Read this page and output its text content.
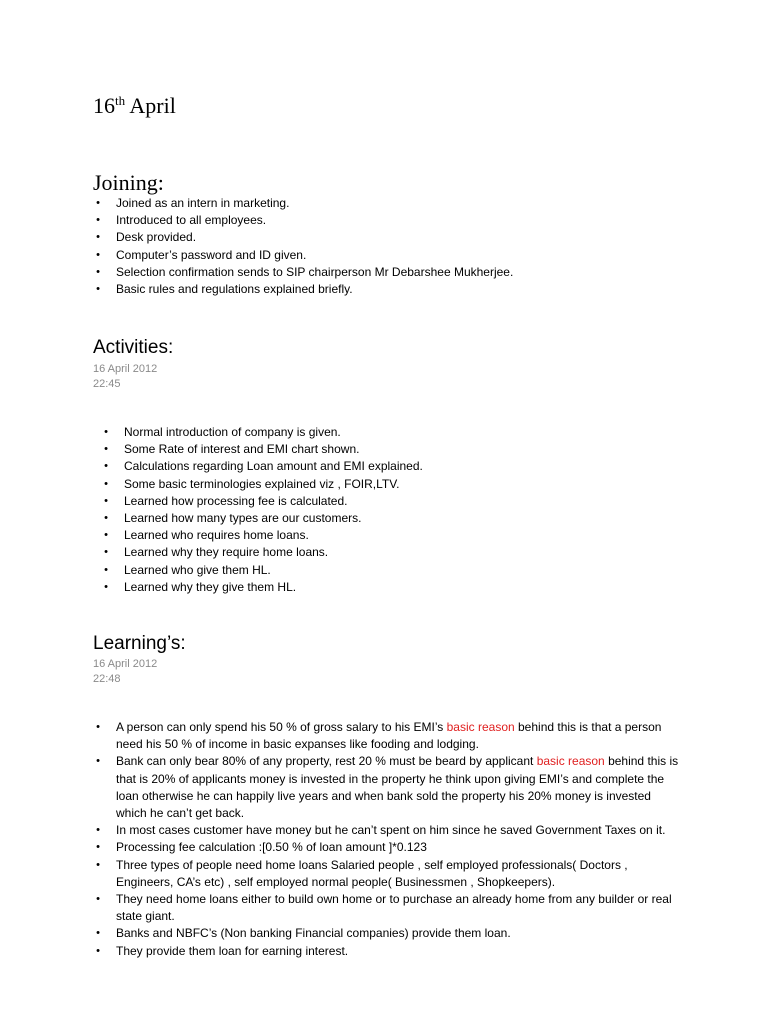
16th April
Joining:
• Joined as an intern in marketing.
• Introduced to all employees.
• Desk provided.
• Computer’s password and ID given.
• Selection confirmation sends to SIP chairperson Mr Debarshee Mukherjee.
• Basic rules and regulations explained briefly.
Activities:
16 April 2012
22:45
• Normal introduction of company is given.
• Some Rate of interest and EMI chart shown.
• Calculations regarding Loan amount and EMI explained.
• Some basic terminologies explained viz , FOIR,LTV.
• Learned how processing fee is calculated.
• Learned how many types are our customers.
• Learned who requires home loans.
• Learned why they require home loans.
• Learned who give them HL.
• Learned why they give them HL.
Learning’s:
16 April 2012
22:48
• A person can only spend his 50 % of gross salary to his EMI’s basic reason behind this is that a person need his 50 % of income in basic expanses like fooding and lodging.
• Bank can only bear 80% of any property, rest 20 % must be beard by applicant basic reason behind this is that is 20% of applicants money is invested in the property he think upon giving EMI’s and complete the loan otherwise he can happily live years and when bank sold the property his 20% money is invested which he can’t get back.
• In most cases customer have money but he can’t spent on him since he saved Government Taxes on it.
• Processing fee calculation :[0.50 % of loan amount ]*0.123
• Three types of people need home loans Salaried people , self employed professionals( Doctors , Engineers, CA’s etc) , self employed normal people( Businessmen , Shopkeepers).
• They need home loans either to build own home or to purchase an already home from any builder or real state giant.
• Banks and NBFC’s (Non banking Financial companies) provide them loan.
• They provide them loan for earning interest.
